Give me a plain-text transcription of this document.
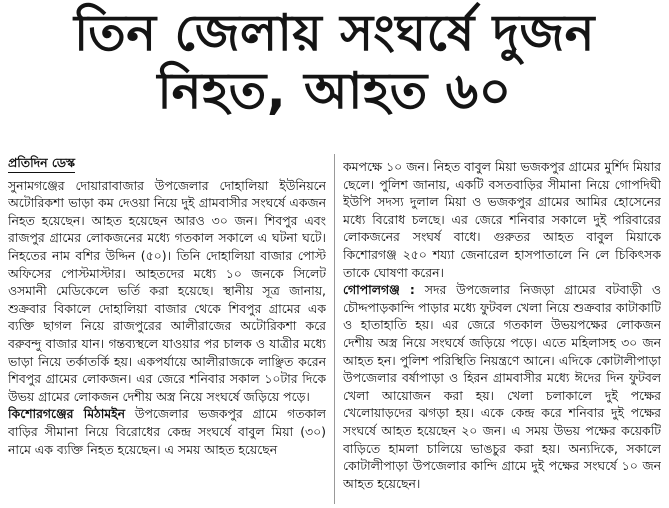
তিন জেলায় সংঘর্ষে দুজন
নিহত, আহত ৬০
প্রতিদিন ডেস্ক

সুনামগঞ্জের দোয়ারাবাজার উপজেলার দোহালিয়া ইউনিয়নে অটোরিকশা ভাড়া কম দেওয়া নিয়ে দুই গ্রামবাসীর সংঘর্ষে একজন নিহত হয়েছেন। আহত হয়েছেন আরও ৩০ জন। শিবপুর এবং রাজপুর গ্রামের লোকজনের মধ্যে গতকাল সকালে এ ঘটনা ঘটে। নিহতের নাম বশির উদ্দিন (৫০)। তিনি দোহালিয়া বাজার পোস্ট অফিসের পোস্টমাস্টার। আহতদের মধ্যে ১০ জনকে সিলেট ওসমানী মেডিকেলে ভর্তি করা হয়েছে। স্থানীয় সূত্র জানায়, শুক্রবার বিকালে দোহালিয়া বাজার থেকে শিবপুর গ্রামের এক ব্যক্তি ছাগল নিয়ে রাজপুরের আলীরাজের অটোরিকশা করে বরুবন্দু বাজার যান। গন্তব্যস্থলে যাওয়ার পর চালক ও যাত্রীর মধ্যে ভাড়া নিয়ে তর্কাতর্কি হয়। একপর্যায়ে আলীরাজকে লাঞ্ছিত করেন শিবপুর গ্রামের লোকজন। এর জেরে শনিবার সকাল ১০টার দিকে উভয় গ্রামের লোকজন দেশীয় অস্ত্র নিয়ে সংঘর্ষে জড়িয়ে পড়ে।

কিশোরগঞ্জের মিঠামইন উপজেলার ভজকপুর গ্রামে গতকাল বাড়ির সীমানা নিয়ে বিরোধের কেন্দ্র সংঘর্ষে বাবুল মিয়া (৩০) নামে এক ব্যক্তি নিহত হয়েছেন। এ সময় আহত হয়েছেন

কমপক্ষে ১০ জন। নিহত বাবুল মিয়া ভজকপুর গ্রামের মুর্শিদ মিয়ার ছেলে। পুলিশ জানায়, একটি বসতবাড়ির সীমানা নিয়ে গোপদিঘী ইউপি সদস্য দুলাল মিয়া ও ভজকপুর গ্রামের আমির হোসেনের মধ্যে বিরোধ চলছে। এর জেরে শনিবার সকালে দুই পরিবারের লোকজনের সংঘর্ষ বাধে। গুরুতর আহত বাবুল মিয়াকে কিশোরগঞ্জ ২৫০ শয্যা জেনারেল হাসপাতালে নি লে চিকিৎসক তাকে ঘোষণা করেন।

গোপালগঞ্জ : সদর উপজেলার নিজড়া গ্রামের বটবাড়ী ও চৌদ্দপাড়কান্দি পাড়ার মধ্যে ফুটবল খেলা নিয়ে শুক্রবার কাটাকাটি ও হাতাহাতি হয়। এর জেরে গতকাল উভয়পক্ষের লোকজন দেশীয় অস্ত্র নিয়ে সংঘর্ষে জড়িয়ে পড়ে। এতে মহিলাসহ ৩০ জন আহত হন। পুলিশ পরিস্থিতি নিয়ন্ত্রণে আনে। এদিকে কোটালীপাড়া উপজেলার বর্ষাপাড়া ও হিরন গ্রামবাসীর মধ্যে ঈদের দিন ফুটবল খেলা আয়োজন করা হয়। খেলা চলাকালে দুই পক্ষের খেলোয়াড়দের ঝগড়া হয়। একে কেন্দ্র করে শনিবার দুই পক্ষের সংঘর্ষে আহত হয়েছেন ২০ জন। এ সময় উভয় পক্ষের কয়েকটি বাড়িতে হামলা চালিয়ে ভাঙচুর করা হয়। অন্যদিকে, সকালে কোটালীপাড়া উপজেলার কান্দি গ্রামে দুই পক্ষের সংঘর্ষে ১০ জন আহত হয়েছেন।
